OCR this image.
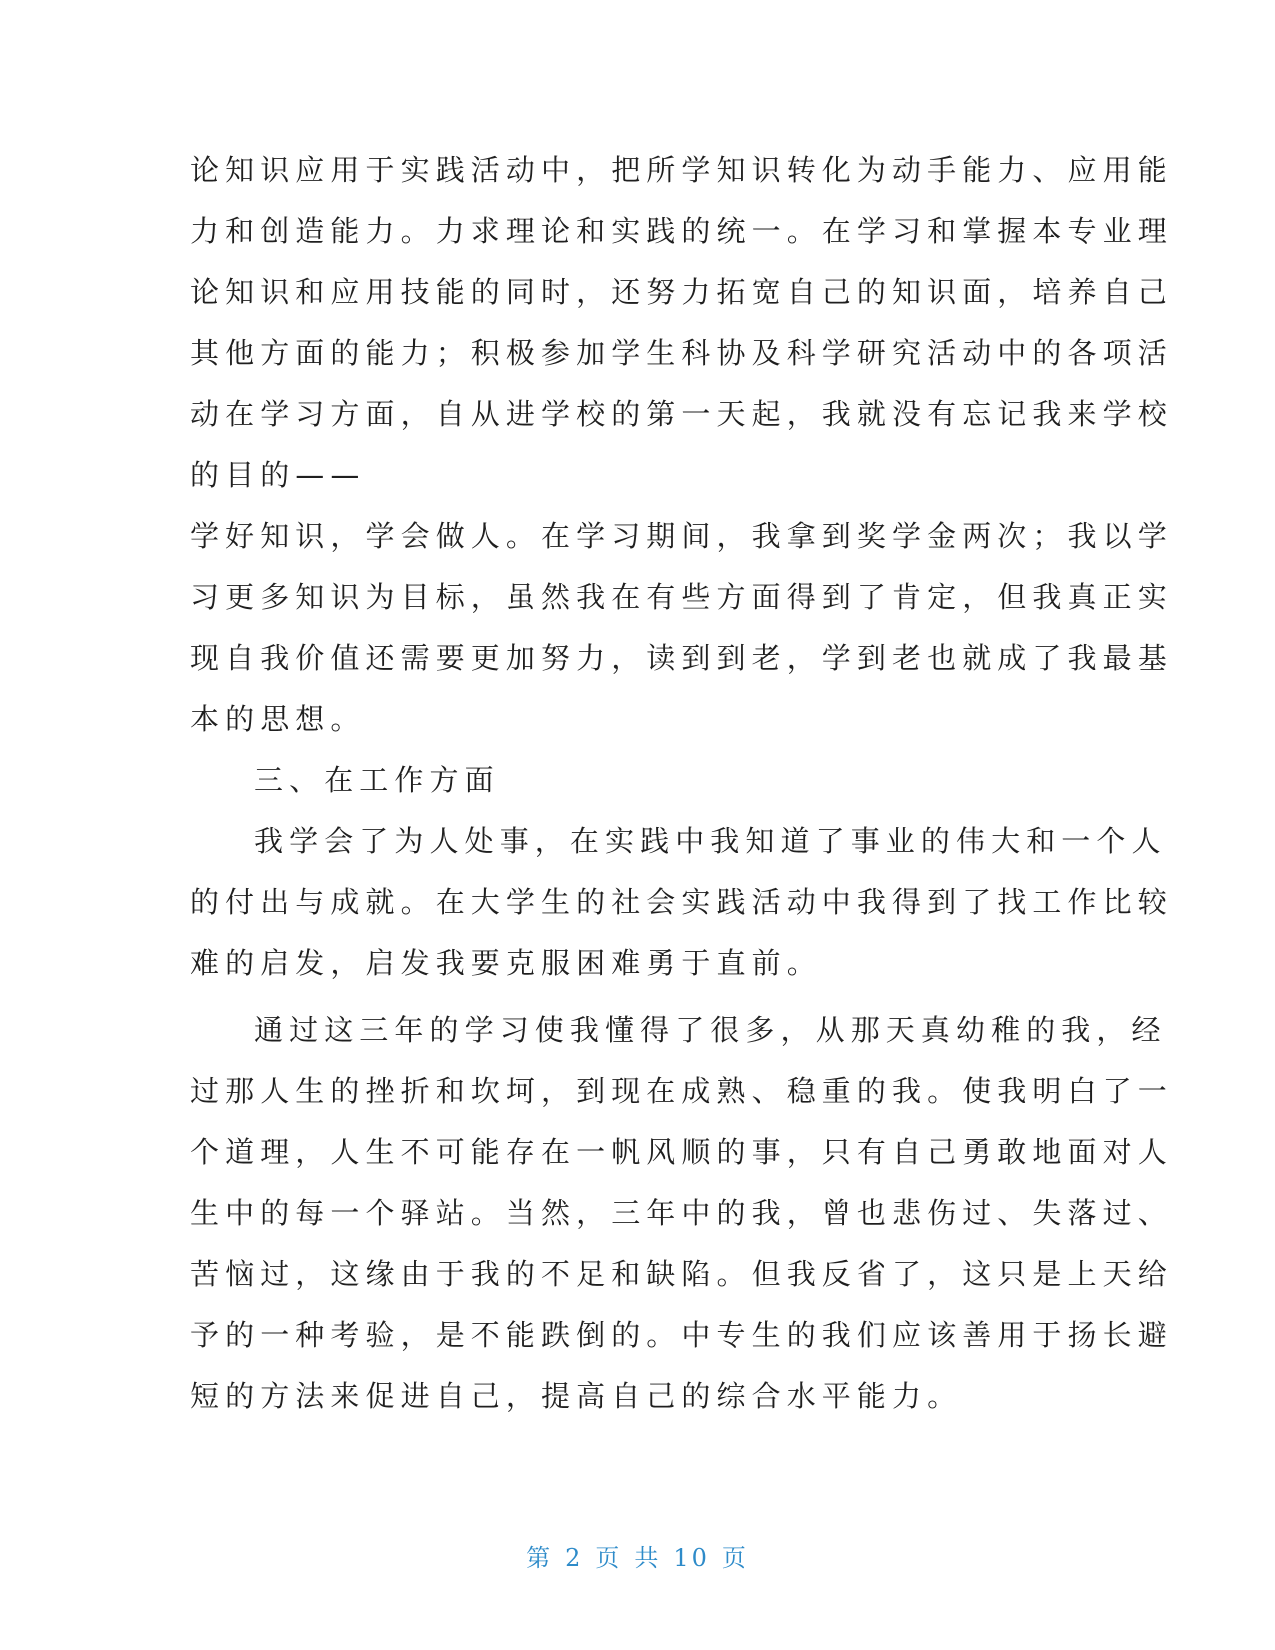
论知识应用于实践活动中，把所学知识转化为动手能力、应用能
力和创造能力。力求理论和实践的统一。在学习和掌握本专业理
论知识和应用技能的同时，还努力拓宽自己的知识面，培养自己
其他方面的能力；积极参加学生科协及科学研究活动中的各项活
动在学习方面，自从进学校的第一天起，我就没有忘记我来学校
的目的——
学好知识，学会做人。在学习期间，我拿到奖学金两次；我以学
习更多知识为目标，虽然我在有些方面得到了肯定，但我真正实
现自我价值还需要更加努力，读到到老，学到老也就成了我最基
本的思想。
三、在工作方面
我学会了为人处事，在实践中我知道了事业的伟大和一个人
的付出与成就。在大学生的社会实践活动中我得到了找工作比较
难的启发，启发我要克服困难勇于直前。
通过这三年的学习使我懂得了很多，从那天真幼稚的我，经
过那人生的挫折和坎坷，到现在成熟、稳重的我。使我明白了一
个道理，人生不可能存在一帆风顺的事，只有自己勇敢地面对人
生中的每一个驿站。当然，三年中的我，曾也悲伤过、失落过、
苦恼过，这缘由于我的不足和缺陷。但我反省了，这只是上天给
予的一种考验，是不能跌倒的。中专生的我们应该善用于扬长避
短的方法来促进自己，提高自己的综合水平能力。
第 2 页 共 10 页
